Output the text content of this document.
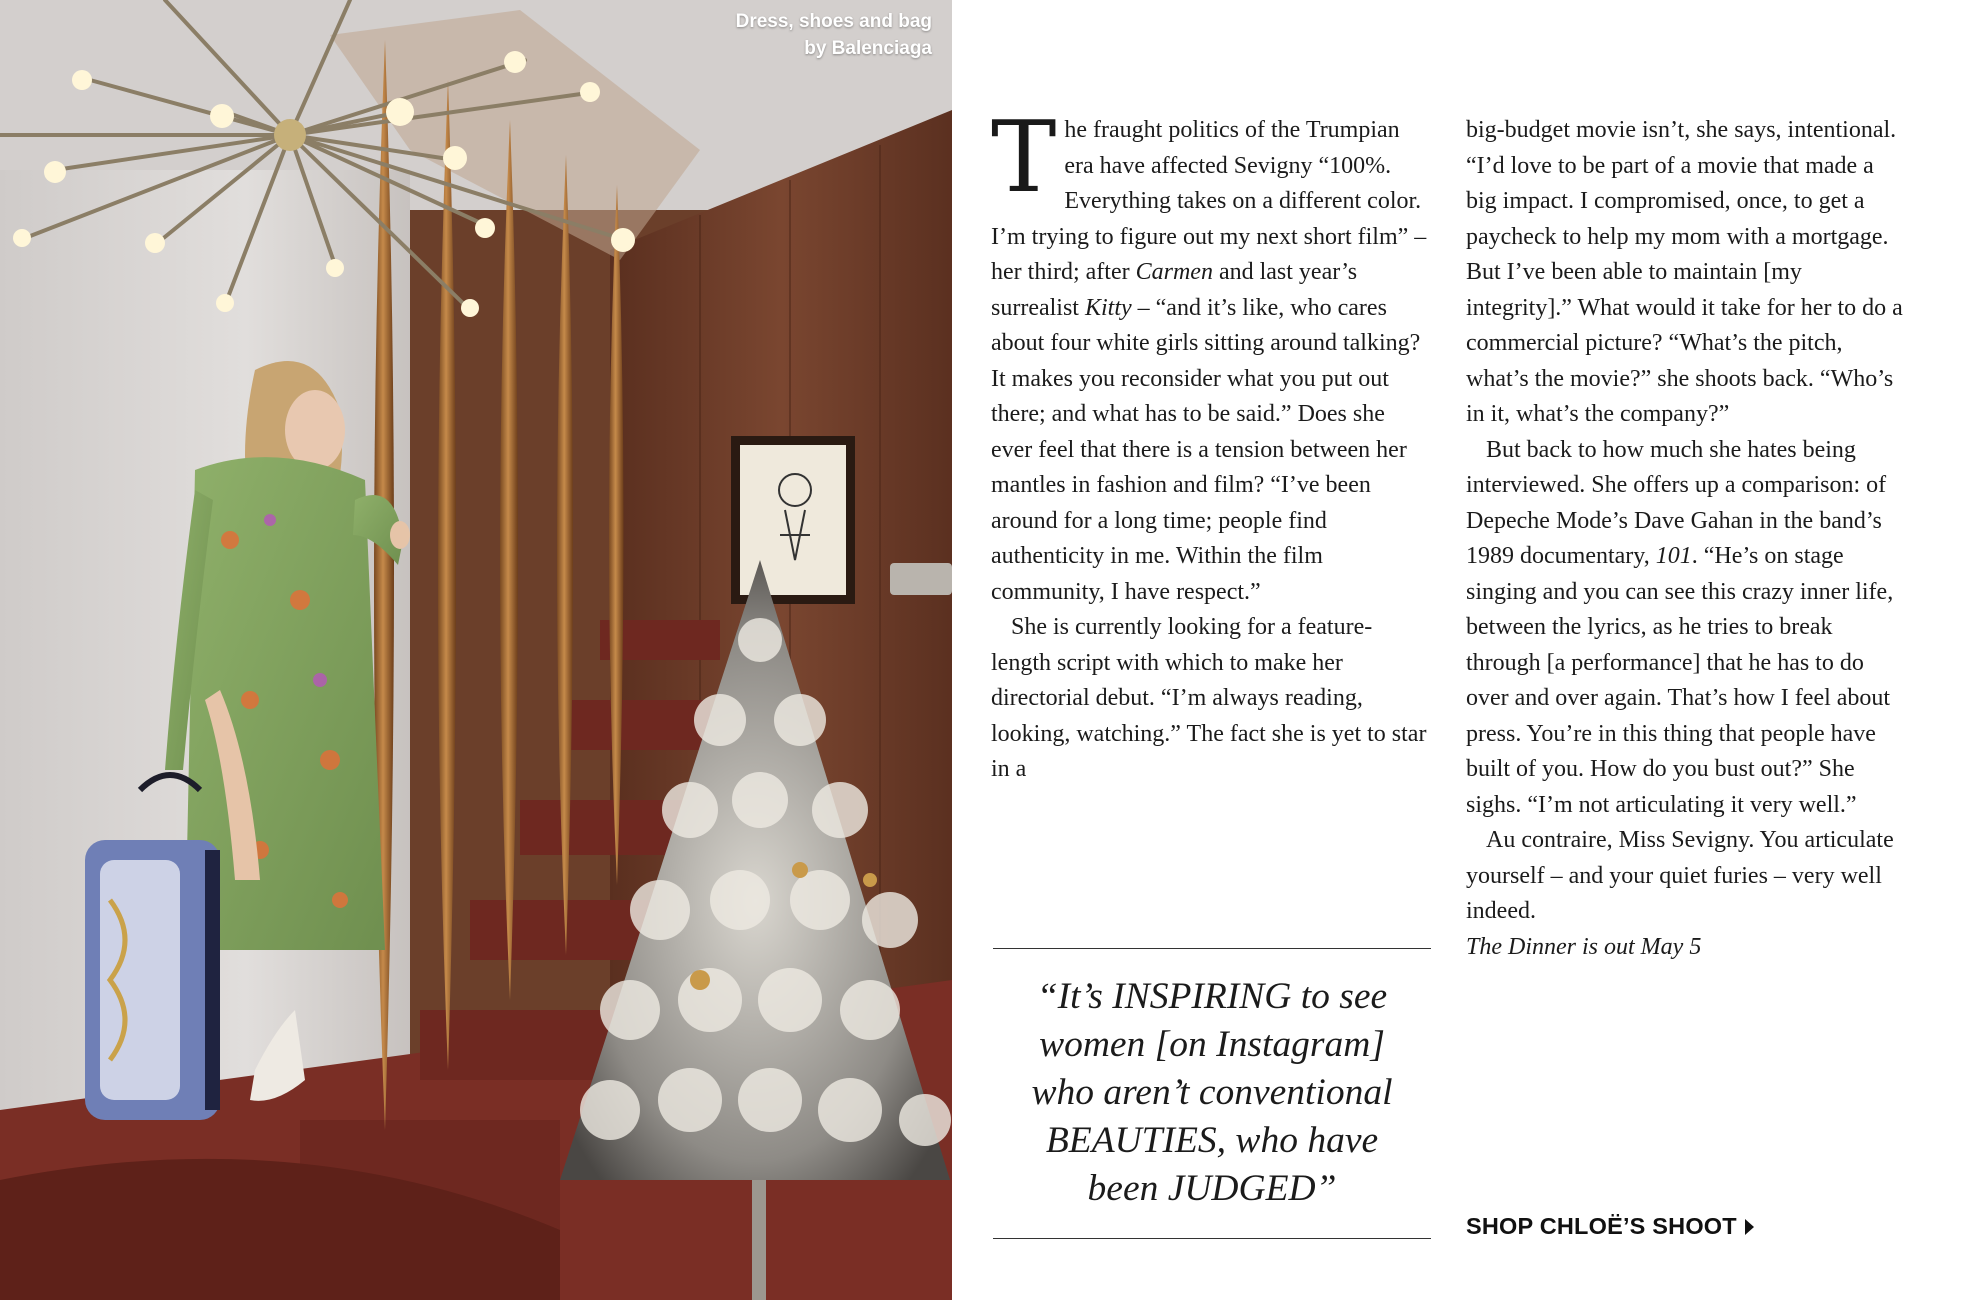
Dress, shoes and bag
by Balenciaga

The fraught politics of the Trumpian era have affected Sevigny “100%. Everything takes on a different color. I’m trying to figure out my next short film” – her third; after Carmen and last year’s surrealist Kitty – “and it’s like, who cares about four white girls sitting around talking? It makes you reconsider what you put out there; and what has to be said.” Does she ever feel that there is a tension between her mantles in fashion and film? “I’ve been around for a long time; people find authenticity in me. Within the film community, I have respect.”

She is currently looking for a feature-length script with which to make her directorial debut. “I’m always reading, looking, watching.” The fact she is yet to star in a

“It’s INSPIRING to see
women [on Instagram]
who aren’t conventional
BEAUTIES, who have
been JUDGED”

big-budget movie isn’t, she says, intentional. “I’d love to be part of a movie that made a big impact. I compromised, once, to get a paycheck to help my mom with a mortgage. But I’ve been able to maintain [my integrity].” What would it take for her to do a commercial picture? “What’s the pitch, what’s the movie?” she shoots back. “Who’s in it, what’s the company?”

But back to how much she hates being interviewed. She offers up a comparison: of Depeche Mode’s Dave Gahan in the band’s 1989 documentary, 101. “He’s on stage singing and you can see this crazy inner life, between the lyrics, as he tries to break through [a performance] that he has to do over and over again. That’s how I feel about press. You’re in this thing that people have built of you. How do you bust out?” She sighs. “I’m not articulating it very well.”

Au contraire, Miss Sevigny. You articulate yourself – and your quiet furies – very well indeed.

The Dinner is out May 5

SHOP CHLOË’S SHOOT
